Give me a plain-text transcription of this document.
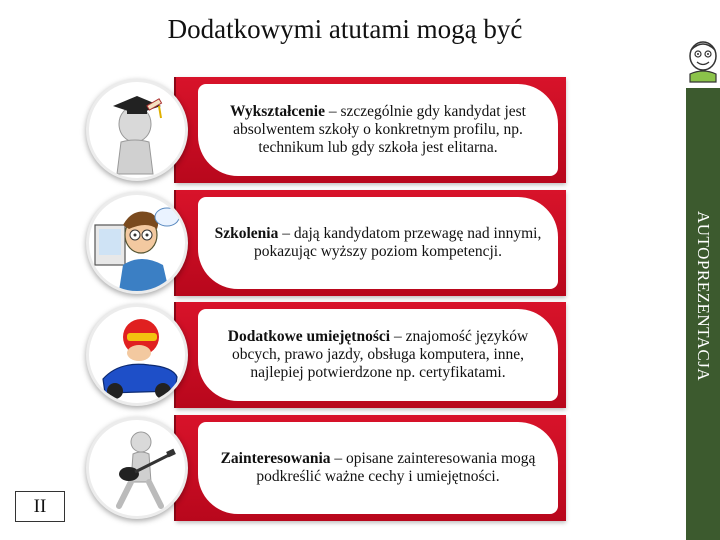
Dodatkowymi atutami mogą być
AUTOPREZENTACJA
Wykształcenie – szczególnie gdy kandydat jest absolwentem szkoły o konkretnym profilu, np. technikum lub gdy szkoła jest elitarna.
Szkolenia – dają kandydatom przewagę nad innymi, pokazując wyższy poziom kompetencji.
Dodatkowe umiejętności – znajomość języków obcych, prawo jazdy, obsługa komputera, inne, najlepiej potwierdzone np. certyfikatami.
Zainteresowania – opisane zainteresowania mogą podkreślić ważne cechy i umiejętności.
II
